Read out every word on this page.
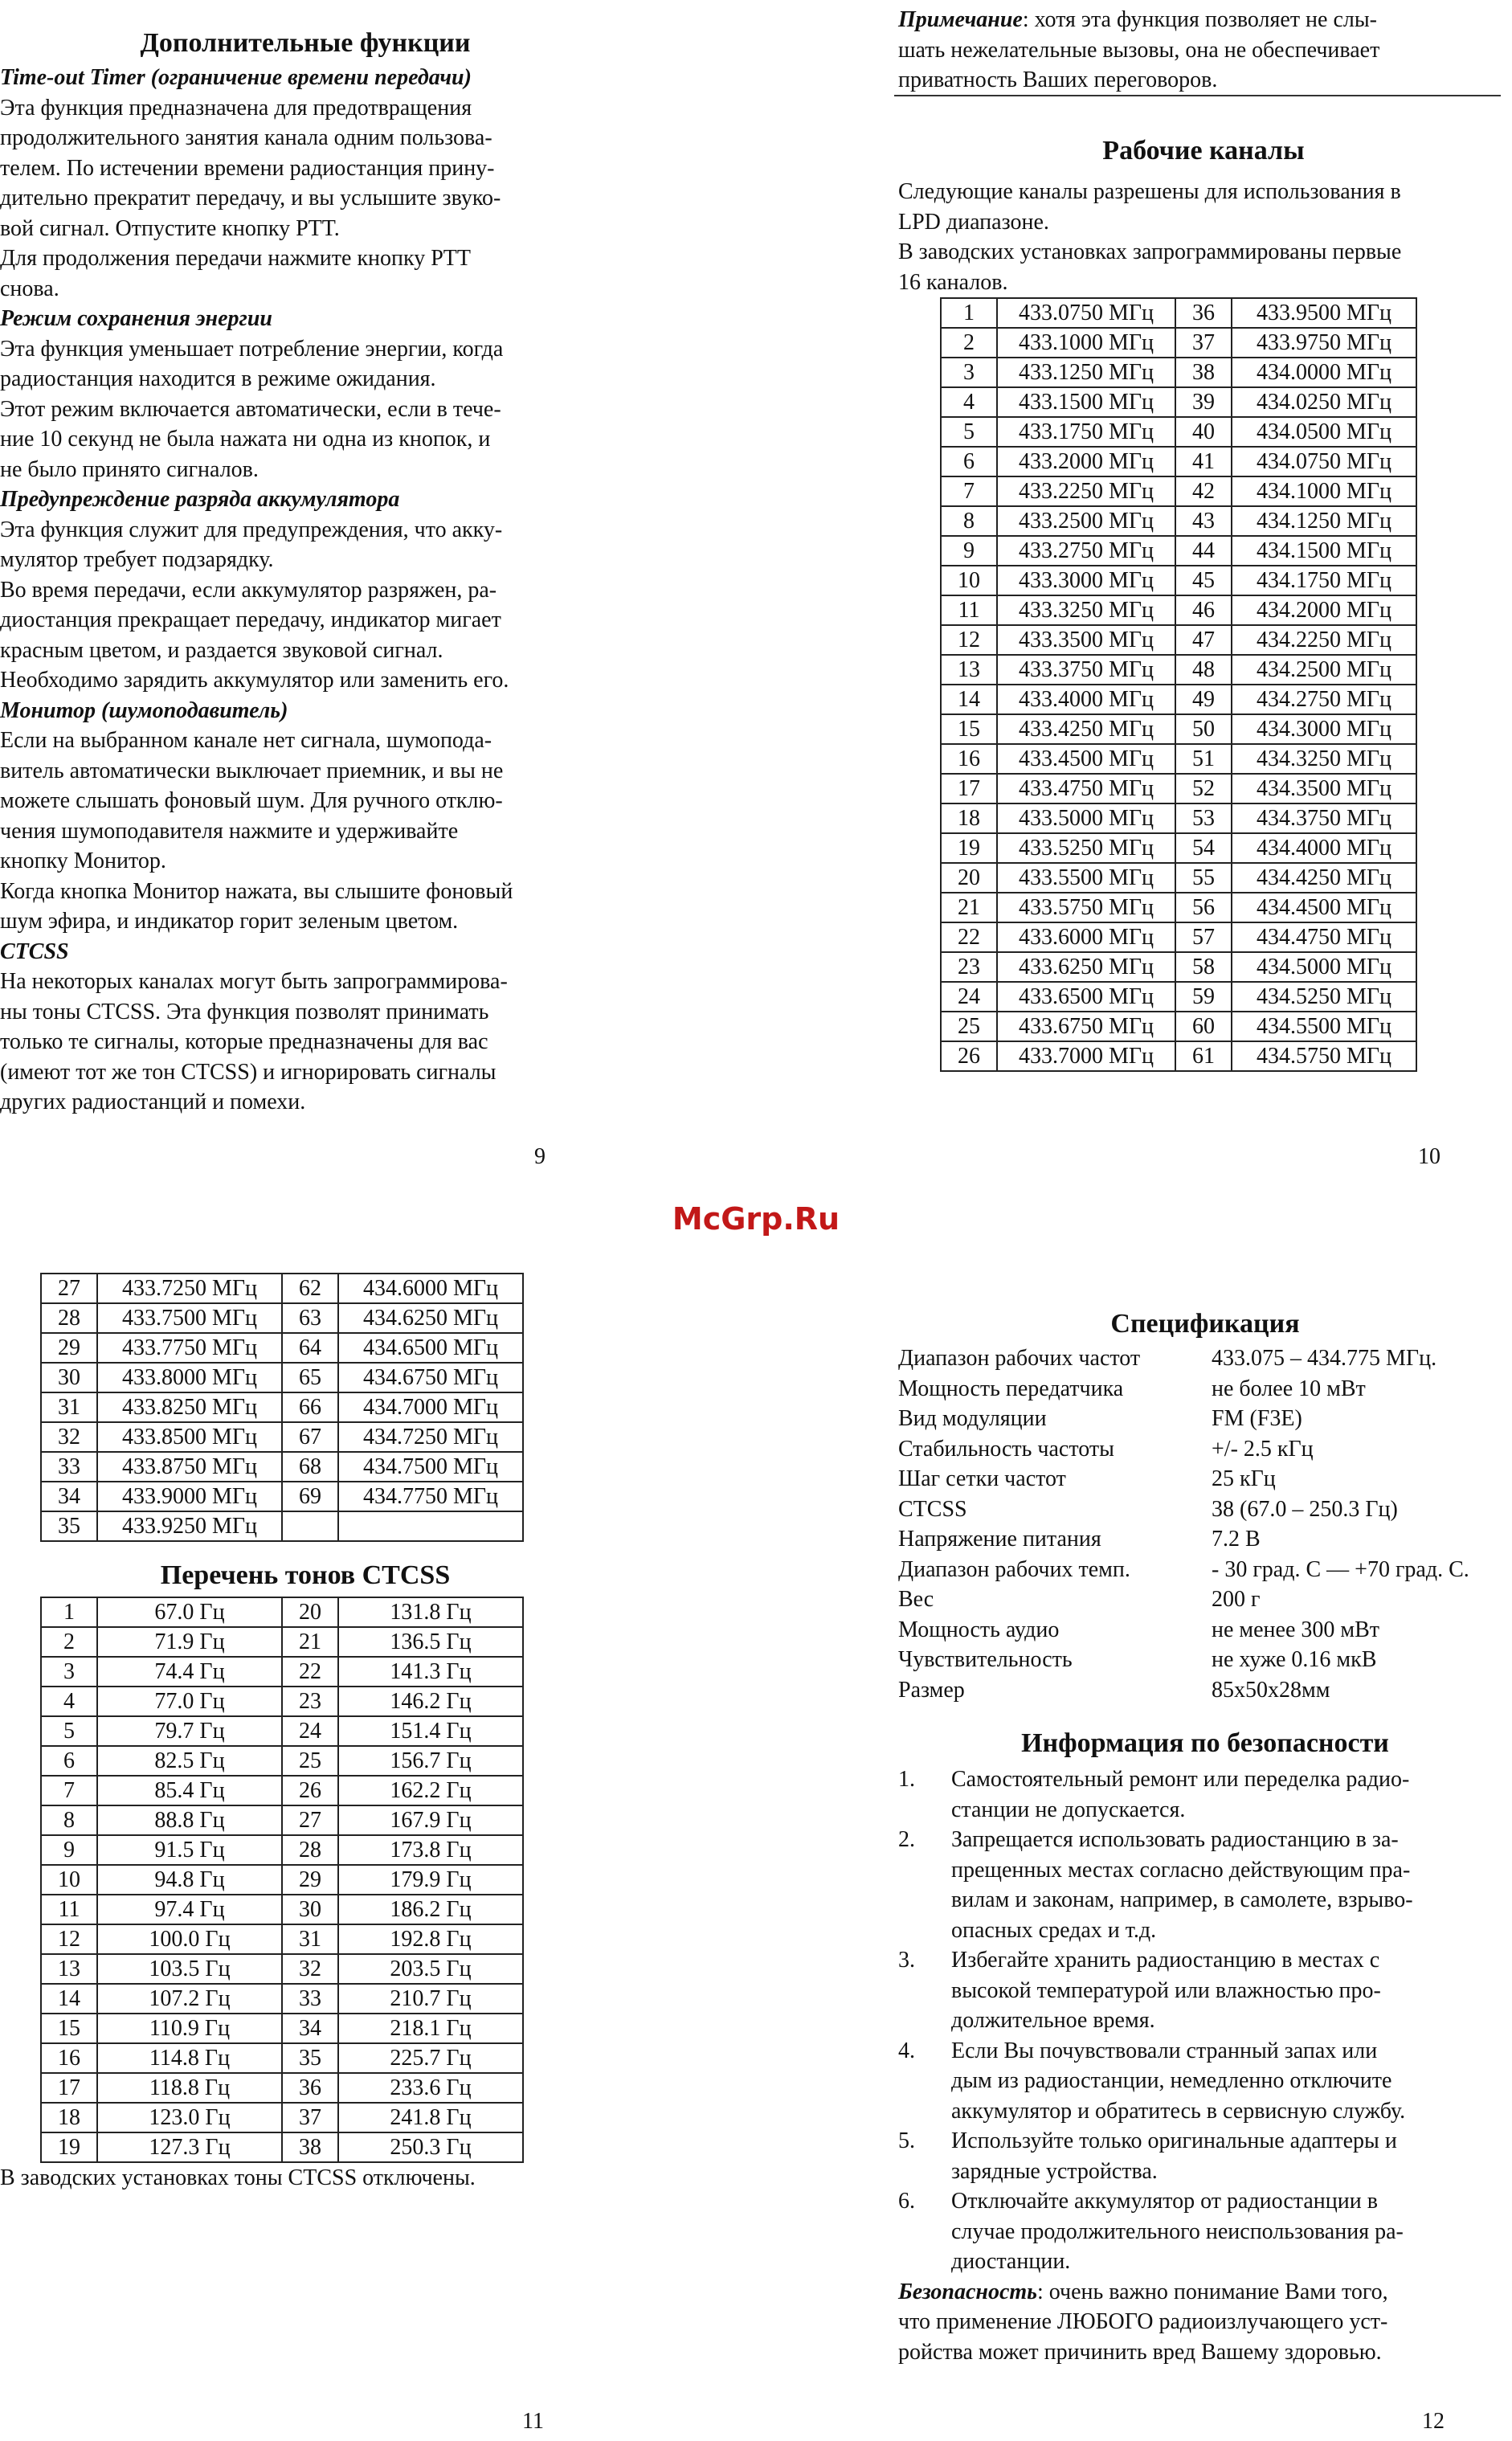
Дополнительные функции

Time-out Timer (ограничение времени передачи)

Эта функция предназначена для предотвращения
продолжительного занятия канала одним пользова-
телем. По истечении времени радиостанция прину-
дительно прекратит передачу, и вы услышите звуко-
вой сигнал. Отпустите кнопку PTT.
Для продолжения передачи нажмите кнопку PTT
снова.

Режим сохранения энергии

Эта функция уменьшает потребление энергии, когда
радиостанция находится в режиме ожидания.
Этот режим включается автоматически, если в тече-
ние 10 секунд не была нажата ни одна из кнопок, и
не было принято сигналов.

Предупреждение разряда аккумулятора

Эта функция служит для предупреждения, что акку-
мулятор требует подзарядку.
Во время передачи, если аккумулятор разряжен, ра-
диостанция прекращает передачу, индикатор мигает
красным цветом, и раздается звуковой сигнал.
Необходимо зарядить аккумулятор или заменить его.

Монитор (шумоподавитель)

Если на выбранном канале нет сигнала, шумопода-
витель автоматически выключает приемник, и вы не
можете слышать фоновый шум. Для ручного отклю-
чения шумоподавителя нажмите и удерживайте
кнопку Монитор.
Когда кнопка Монитор нажата, вы слышите фоновый
шум эфира, и индикатор горит зеленым цветом.

CTCSS

На некоторых каналах могут быть запрограммирова-
ны тоны CTCSS. Эта функция позволят принимать
только те сигналы, которые предназначены для вас
(имеют тот же тон CTCSS) и игнорировать сигналы
других радиостанций и помехи.

9

Примечание: хотя эта функция позволяет не слы-
шать нежелательные вызовы, она не обеспечивает
приватность Ваших переговоров.

Рабочие каналы

Следующие каналы разрешены для использования в
LPD диапазоне.
В заводских установках запрограммированы первые
16 каналов.

1	433.0750 МГц	36	433.9500 МГц
2	433.1000 МГц	37	433.9750 МГц
3	433.1250 МГц	38	434.0000 МГц
4	433.1500 МГц	39	434.0250 МГц
5	433.1750 МГц	40	434.0500 МГц
6	433.2000 МГц	41	434.0750 МГц
7	433.2250 МГц	42	434.1000 МГц
8	433.2500 МГц	43	434.1250 МГц
9	433.2750 МГц	44	434.1500 МГц
10	433.3000 МГц	45	434.1750 МГц
11	433.3250 МГц	46	434.2000 МГц
12	433.3500 МГц	47	434.2250 МГц
13	433.3750 МГц	48	434.2500 МГц
14	433.4000 МГц	49	434.2750 МГц
15	433.4250 МГц	50	434.3000 МГц
16	433.4500 МГц	51	434.3250 МГц
17	433.4750 МГц	52	434.3500 МГц
18	433.5000 МГц	53	434.3750 МГц
19	433.5250 МГц	54	434.4000 МГц
20	433.5500 МГц	55	434.4250 МГц
21	433.5750 МГц	56	434.4500 МГц
22	433.6000 МГц	57	434.4750 МГц
23	433.6250 МГц	58	434.5000 МГц
24	433.6500 МГц	59	434.5250 МГц
25	433.6750 МГц	60	434.5500 МГц
26	433.7000 МГц	61	434.5750 МГц
10
McGrp.Ru
27	433.7250 МГц	62	434.6000 МГц
28	433.7500 МГц	63	434.6250 МГц
29	433.7750 МГц	64	434.6500 МГц
30	433.8000 МГц	65	434.6750 МГц
31	433.8250 МГц	66	434.7000 МГц
32	433.8500 МГц	67	434.7250 МГц
33	433.8750 МГц	68	434.7500 МГц
34	433.9000 МГц	69	434.7750 МГц
35	433.9250 МГц		
Перечень тонов CTCSS
1	67.0 Гц	20	131.8 Гц
2	71.9 Гц	21	136.5 Гц
3	74.4 Гц	22	141.3 Гц
4	77.0 Гц	23	146.2 Гц
5	79.7 Гц	24	151.4 Гц
6	82.5 Гц	25	156.7 Гц
7	85.4 Гц	26	162.2 Гц
8	88.8 Гц	27	167.9 Гц
9	91.5 Гц	28	173.8 Гц
10	94.8 Гц	29	179.9 Гц
11	97.4 Гц	30	186.2 Гц
12	100.0 Гц	31	192.8 Гц
13	103.5 Гц	32	203.5 Гц
14	107.2 Гц	33	210.7 Гц
15	110.9 Гц	34	218.1 Гц
16	114.8 Гц	35	225.7 Гц
17	118.8 Гц	36	233.6 Гц
18	123.0 Гц	37	241.8 Гц
19	127.3 Гц	38	250.3 Гц

В заводских установках тоны CTCSS отключены.

11
Спецификация
Диапазон рабочих частот	433.075 – 434.775 МГц.
Мощность передатчика	не более 10 мВт
Вид модуляции	FM (F3E)
Стабильность частоты	+/- 2.5 кГц
Шаг сетки частот	25 кГц
CTCSS	38 (67.0 – 250.3 Гц)
Напряжение питания	7.2 В
Диапазон рабочих темп.	- 30 град. С — +70 град. С.
Вес	200 г
Мощность аудио	не менее 300 мВт
Чувствительность	не хуже 0.16 мкВ
Размер	85x50x28мм
Информация по безопасности
1.	Самостоятельный ремонт или переделка радио-
станции не допускается.
2.	Запрещается использовать радиостанцию в за-
прещенных местах согласно действующим пра-
вилам и законам, например, в самолете, взрыво-
опасных средах и т.д.
3.	Избегайте хранить радиостанцию в местах с
высокой температурой или влажностью про-
должительное время.
4.	Если Вы почувствовали странный запах или
дым из радиостанции, немедленно отключите
аккумулятор и обратитесь в сервисную службу.
5.	Используйте только оригинальные адаптеры и
зарядные устройства.
6.	Отключайте аккумулятор от радиостанции в
случае продолжительного неиспользования ра-
диостанции.

Безопасность: очень важно понимание Вами того,
что применение ЛЮБОГО радиоизлучающего уст-
ройства может причинить вред Вашему здоровью.

12
